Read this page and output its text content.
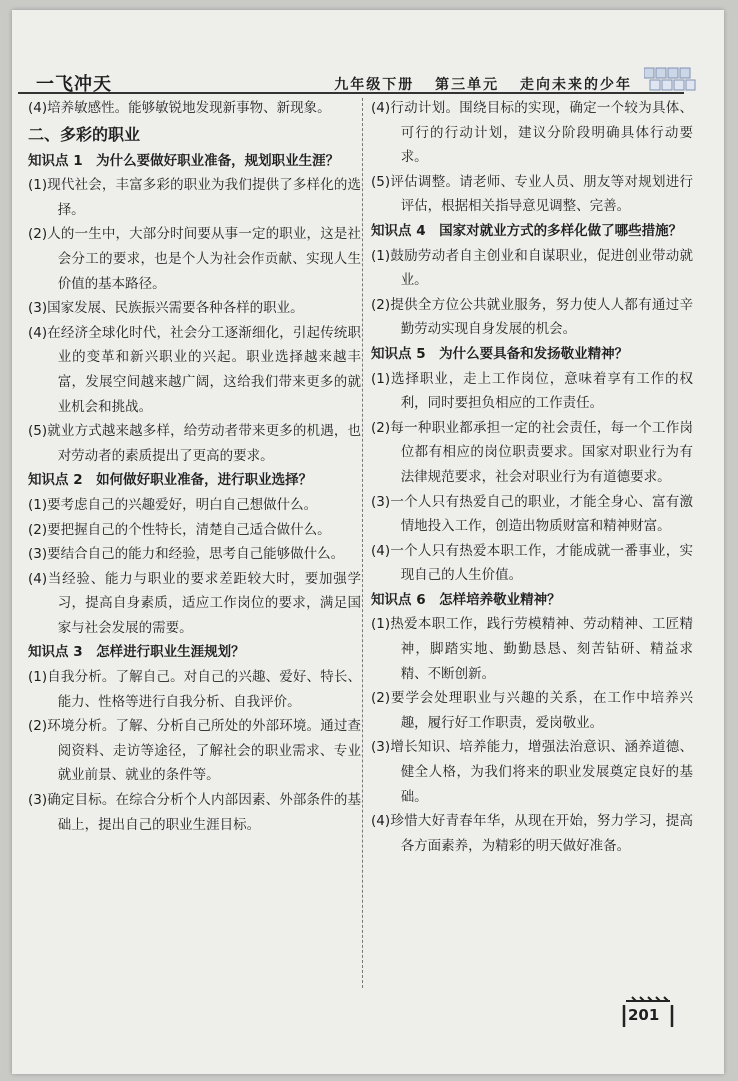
一飞冲天	九年级下册 第三单元 走向未来的少年
(4)培养敏感性。能够敏锐地发现新事物、新现象。
二、多彩的职业
知识点 1　为什么要做好职业准备，规划职业生涯？
(1)现代社会，丰富多彩的职业为我们提供了多样化的选择。
(2)人的一生中，大部分时间要从事一定的职业，这是社会分工的要求，也是个人为社会作贡献、实现人生价值的基本路径。
(3)国家发展、民族振兴需要各种各样的职业。
(4)在经济全球化时代，社会分工逐渐细化，引起传统职业的变革和新兴职业的兴起。职业选择越来越丰富，发展空间越来越广阔，这给我们带来更多的就业机会和挑战。
(5)就业方式越来越多样，给劳动者带来更多的机遇，也对劳动者的素质提出了更高的要求。
知识点 2　如何做好职业准备，进行职业选择？
(1)要考虑自己的兴趣爱好，明白自己想做什么。
(2)要把握自己的个性特长，清楚自己适合做什么。
(3)要结合自己的能力和经验，思考自己能够做什么。
(4)当经验、能力与职业的要求差距较大时，要加强学习，提高自身素质，适应工作岗位的要求，满足国家与社会发展的需要。
知识点 3　怎样进行职业生涯规划？
(1)自我分析。了解自己。对自己的兴趣、爱好、特长、能力、性格等进行自我分析、自我评价。
(2)环境分析。了解、分析自己所处的外部环境。通过查阅资料、走访等途径，了解社会的职业需求、专业就业前景、就业的条件等。
(3)确定目标。在综合分析个人内部因素、外部条件的基础上，提出自己的职业生涯目标。
(4)行动计划。围绕目标的实现，确定一个较为具体、可行的行动计划，建议分阶段明确具体行动要求。
(5)评估调整。请老师、专业人员、朋友等对规划进行评估，根据相关指导意见调整、完善。
知识点 4　国家对就业方式的多样化做了哪些措施？
(1)鼓励劳动者自主创业和自谋职业，促进创业带动就业。
(2)提供全方位公共就业服务，努力使人人都有通过辛勤劳动实现自身发展的机会。
知识点 5　为什么要具备和发扬敬业精神？
(1)选择职业，走上工作岗位，意味着享有工作的权利，同时要担负相应的工作责任。
(2)每一种职业都承担一定的社会责任，每一个工作岗位都有相应的岗位职责要求。国家对职业行为有法律规范要求，社会对职业行为有道德要求。
(3)一个人只有热爱自己的职业，才能全身心、富有激情地投入工作，创造出物质财富和精神财富。
(4)一个人只有热爱本职工作，才能成就一番事业，实现自己的人生价值。
知识点 6　怎样培养敬业精神？
(1)热爱本职工作，践行劳模精神、劳动精神、工匠精神，脚踏实地、勤勤恳恳、刻苦钻研、精益求精、不断创新。
(2)要学会处理职业与兴趣的关系，在工作中培养兴趣，履行好工作职责，爱岗敬业。
(3)增长知识、培养能力，增强法治意识、涵养道德、健全人格，为我们将来的职业发展奠定良好的基础。
(4)珍惜大好青春年华，从现在开始，努力学习，提高各方面素养，为精彩的明天做好准备。
201
